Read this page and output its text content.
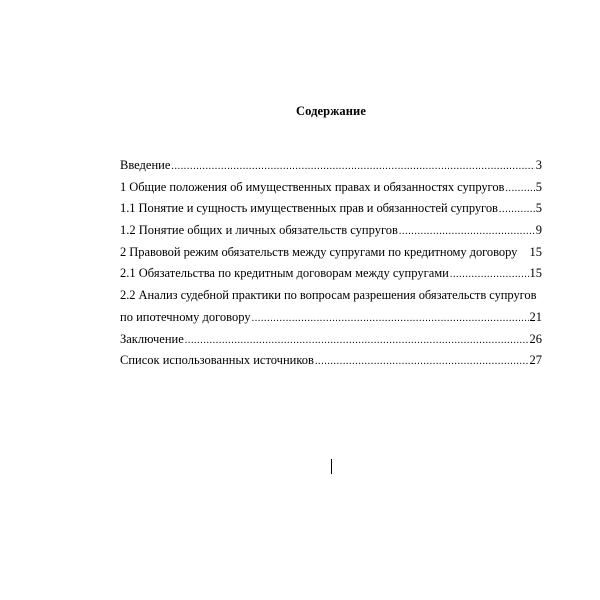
Содержание
Введение .....	3
1 Общие положения об имущественных правах и обязанностях супругов .....	5
1.1 Понятие и сущность имущественных прав и обязанностей супругов .....	5
1.2 Понятие общих и личных обязательств супругов .....	9
2 Правовой режим обязательств между супругами по кредитному договору 15
2.1 Обязательства по кредитным договорам между супругами .....	15
2.2 Анализ судебной практики по вопросам разрешения обязательств супругов
по ипотечному договору .....	21
Заключение .....	26
Список использованных источников .....	27
